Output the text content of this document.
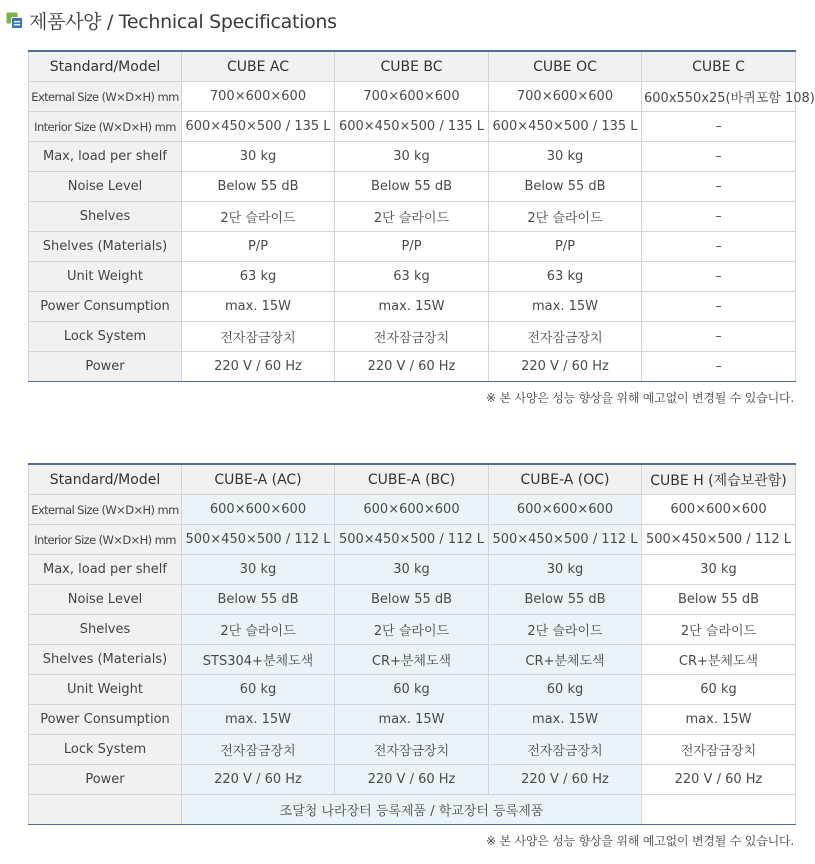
제품사양 / Technical Specifications
Standard/Model	CUBE AC	CUBE BC	CUBE OC	CUBE C
External Size (W×D×H) mm	700×600×600	700×600×600	700×600×600	600x550x25(바퀴포함 108)
Interior Size (W×D×H) mm	600×450×500 / 135 L	600×450×500 / 135 L	600×450×500 / 135 L	–
Max, load per shelf	30 kg	30 kg	30 kg	–
Noise Level	Below 55 dB	Below 55 dB	Below 55 dB	–
Shelves	2단 슬라이드	2단 슬라이드	2단 슬라이드	–
Shelves (Materials)	P/P	P/P	P/P	–
Unit Weight	63 kg	63 kg	63 kg	–
Power Consumption	max. 15W	max. 15W	max. 15W	–
Lock System	전자잠금장치	전자잠금장치	전자잠금장치	–
Power	220 V / 60 Hz	220 V / 60 Hz	220 V / 60 Hz	–
※ 본 사양은 성능 향상을 위해 예고없이 변경될 수 있습니다.
Standard/Model	CUBE-A (AC)	CUBE-A (BC)	CUBE-A (OC)	CUBE H (제습보관함)
External Size (W×D×H) mm	600×600×600	600×600×600	600×600×600	600×600×600
Interior Size (W×D×H) mm	500×450×500 / 112 L	500×450×500 / 112 L	500×450×500 / 112 L	500×450×500 / 112 L
Max, load per shelf	30 kg	30 kg	30 kg	30 kg
Noise Level	Below 55 dB	Below 55 dB	Below 55 dB	Below 55 dB
Shelves	2단 슬라이드	2단 슬라이드	2단 슬라이드	2단 슬라이드
Shelves (Materials)	STS304+분체도색	CR+분체도색	CR+분체도색	CR+분체도색
Unit Weight	60 kg	60 kg	60 kg	60 kg
Power Consumption	max. 15W	max. 15W	max. 15W	max. 15W
Lock System	전자잠금장치	전자잠금장치	전자잠금장치	전자잠금장치
Power	220 V / 60 Hz	220 V / 60 Hz	220 V / 60 Hz	220 V / 60 Hz
	조달청 나라장터 등록제품 / 학교장터 등록제품			
※ 본 사양은 성능 향상을 위해 예고없이 변경될 수 있습니다.
